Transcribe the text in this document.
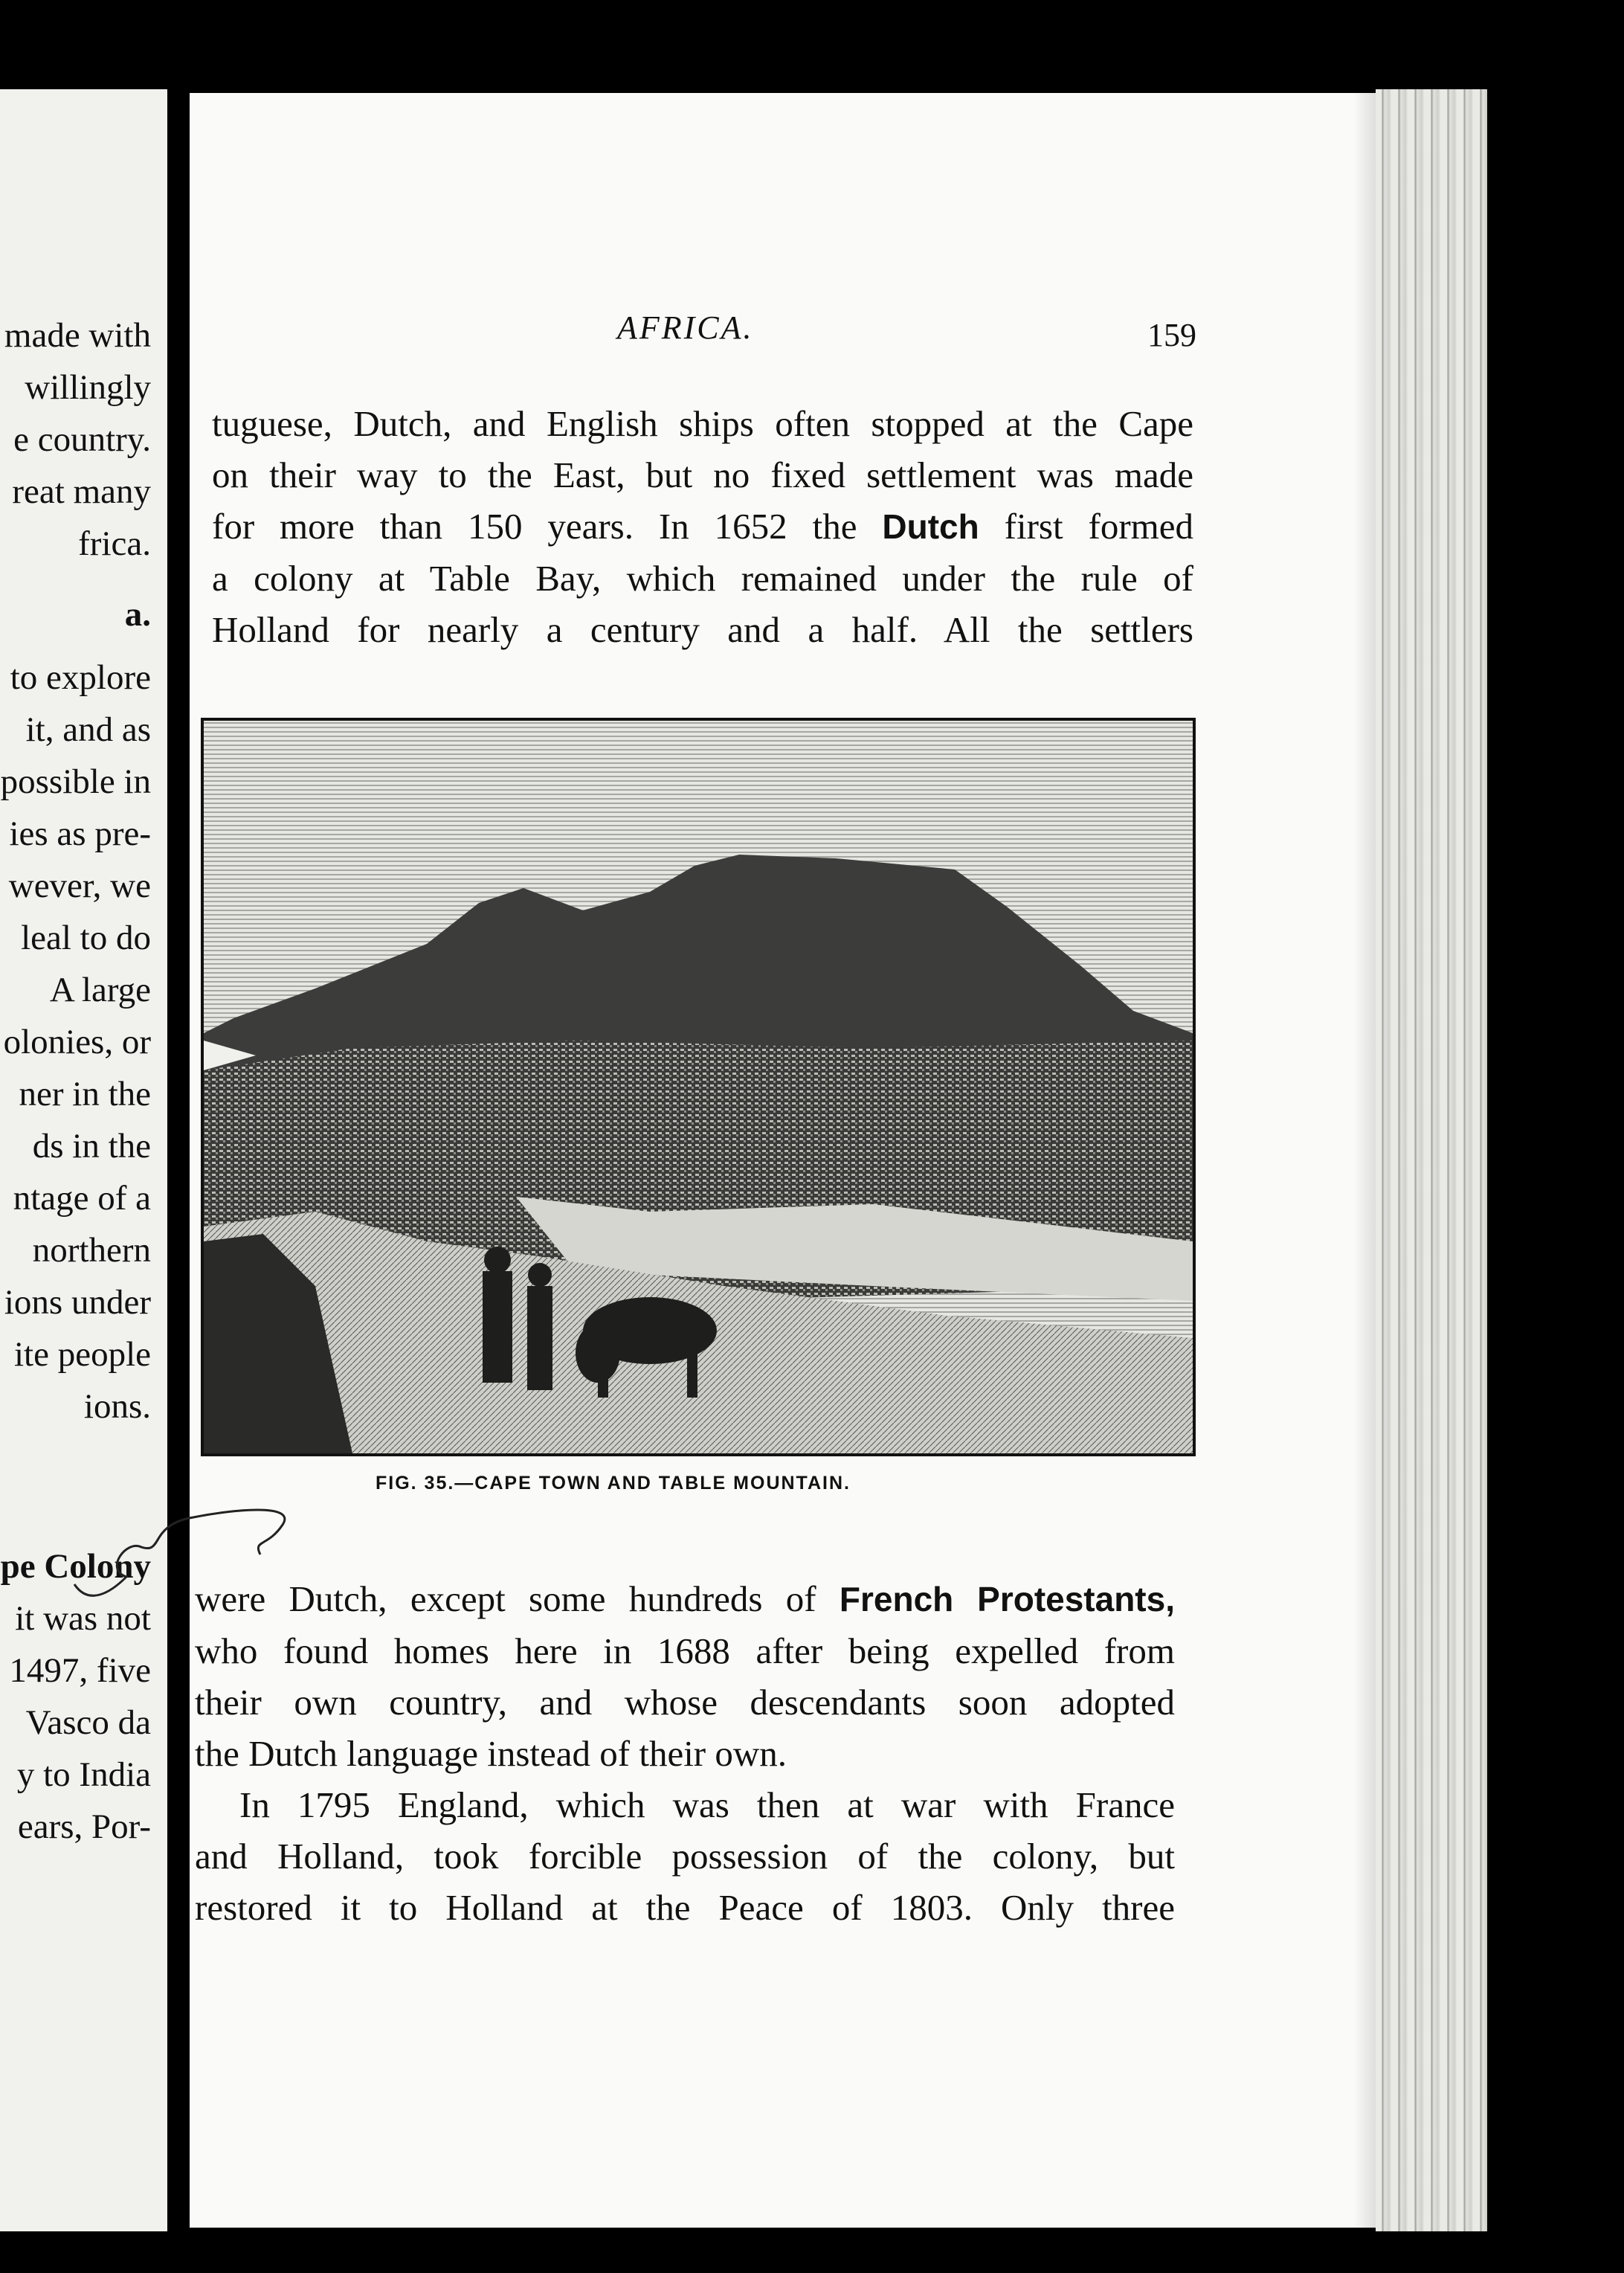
made with
willingly
e country.
reat many
frica.
a.
to explore
it, and as
possible in
ies as pre-
wever, we
leal to do
A large
olonies, or
ner in the
ds in the
ntage of a
northern
ions under
ite people
ions.
pe Colony
it was not
1497, five
Vasco da
y to India
ears, Por-
AFRICA.	159
tuguese, Dutch, and English ships often stopped at the Cape
on their way to the East, but no fixed settlement was made
for more than 150 years. In 1652 the Dutch first formed
a colony at Table Bay, which remained under the rule of
Holland for nearly a century and a half. All the settlers
FIG. 35.—CAPE TOWN AND TABLE MOUNTAIN.
were Dutch, except some hundreds of French Protestants,
who found homes here in 1688 after being expelled from
their own country, and whose descendants soon adopted
the Dutch language instead of their own.
In 1795 England, which was then at war with France
and Holland, took forcible possession of the colony, but
restored it to Holland at the Peace of 1803. Only three
